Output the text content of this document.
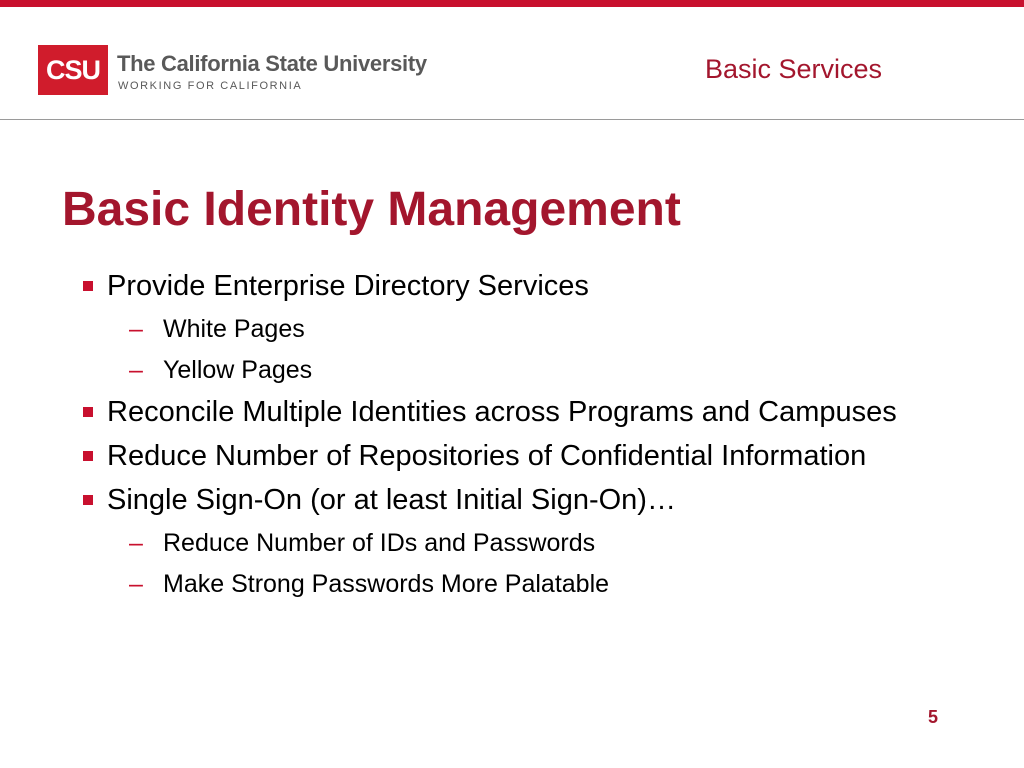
CSU The California State University
WORKING FOR CALIFORNIA
Basic Services
Basic Identity Management
Provide Enterprise Directory Services
– White Pages
– Yellow Pages
Reconcile Multiple Identities across Programs and Campuses
Reduce Number of Repositories of Confidential Information
Single Sign-On (or at least Initial Sign-On)…
– Reduce Number of IDs and Passwords
– Make Strong Passwords More Palatable
5
